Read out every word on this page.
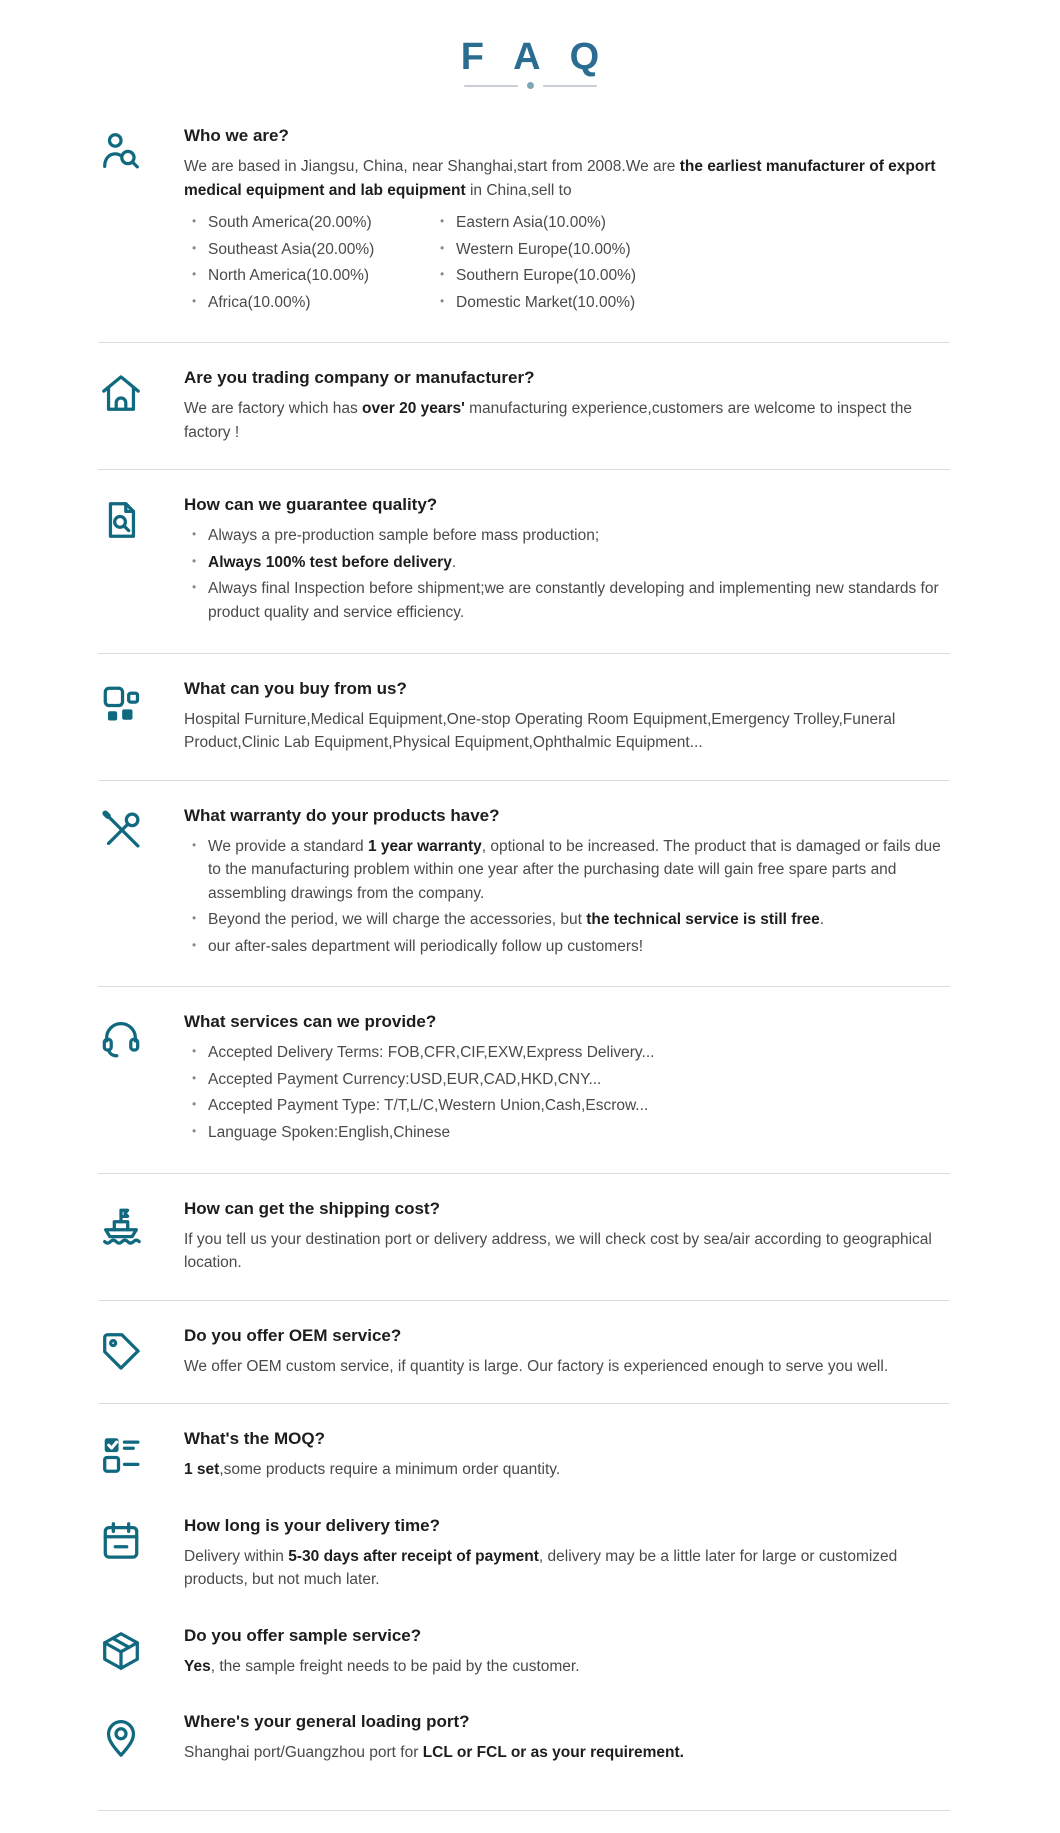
F A Q
Who we are?

We are based in Jiangsu, China, near Shanghai,start from 2008.We are the earliest manufacturer of export medical equipment and lab equipment in China,sell to

• South America(20.00%)
• Southeast Asia(20.00%)
• North America(10.00%)
• Africa(10.00%)
• Eastern Asia(10.00%)
• Western Europe(10.00%)
• Southern Europe(10.00%)
• Domestic Market(10.00%)
Are you trading company or manufacturer?

We are factory which has over 20 years' manufacturing experience,customers are welcome to inspect the factory !

How can we guarantee quality?
• Always a pre-production sample before mass production;
• Always 100% test before delivery.
• Always final Inspection before shipment;we are constantly developing and implementing new standards for product quality and service efficiency.
What can you buy from us?

Hospital Furniture,Medical Equipment,One-stop Operating Room Equipment,Emergency Trolley,Funeral Product,Clinic Lab Equipment,Physical Equipment,Ophthalmic Equipment...

What warranty do your products have?
• We provide a standard 1 year warranty, optional to be increased. The product that is damaged or fails due to the manufacturing problem within one year after the purchasing date will gain free spare parts and assembling drawings from the company.
• Beyond the period, we will charge the accessories, but the technical service is still free.
• our after-sales department will periodically follow up customers!
What services can we provide?
• Accepted Delivery Terms: FOB,CFR,CIF,EXW,Express Delivery...
• Accepted Payment Currency:USD,EUR,CAD,HKD,CNY...
• Accepted Payment Type: T/T,L/C,Western Union,Cash,Escrow...
• Language Spoken:English,Chinese
How can get the shipping cost?

If you tell us your destination port or delivery address, we will check cost by sea/air according to geographical location.

Do you offer OEM service?

We offer OEM custom service, if quantity is large. Our factory is experienced enough to serve you well.

What's the MOQ?

1 set,some products require a minimum order quantity.

How long is your delivery time?

Delivery within 5-30 days after receipt of payment, delivery may be a little later for large or customized products, but not much later.

Do you offer sample service?

Yes, the sample freight needs to be paid by the customer.

Where's your general loading port?

Shanghai port/Guangzhou port for LCL or FCL or as your requirement.
